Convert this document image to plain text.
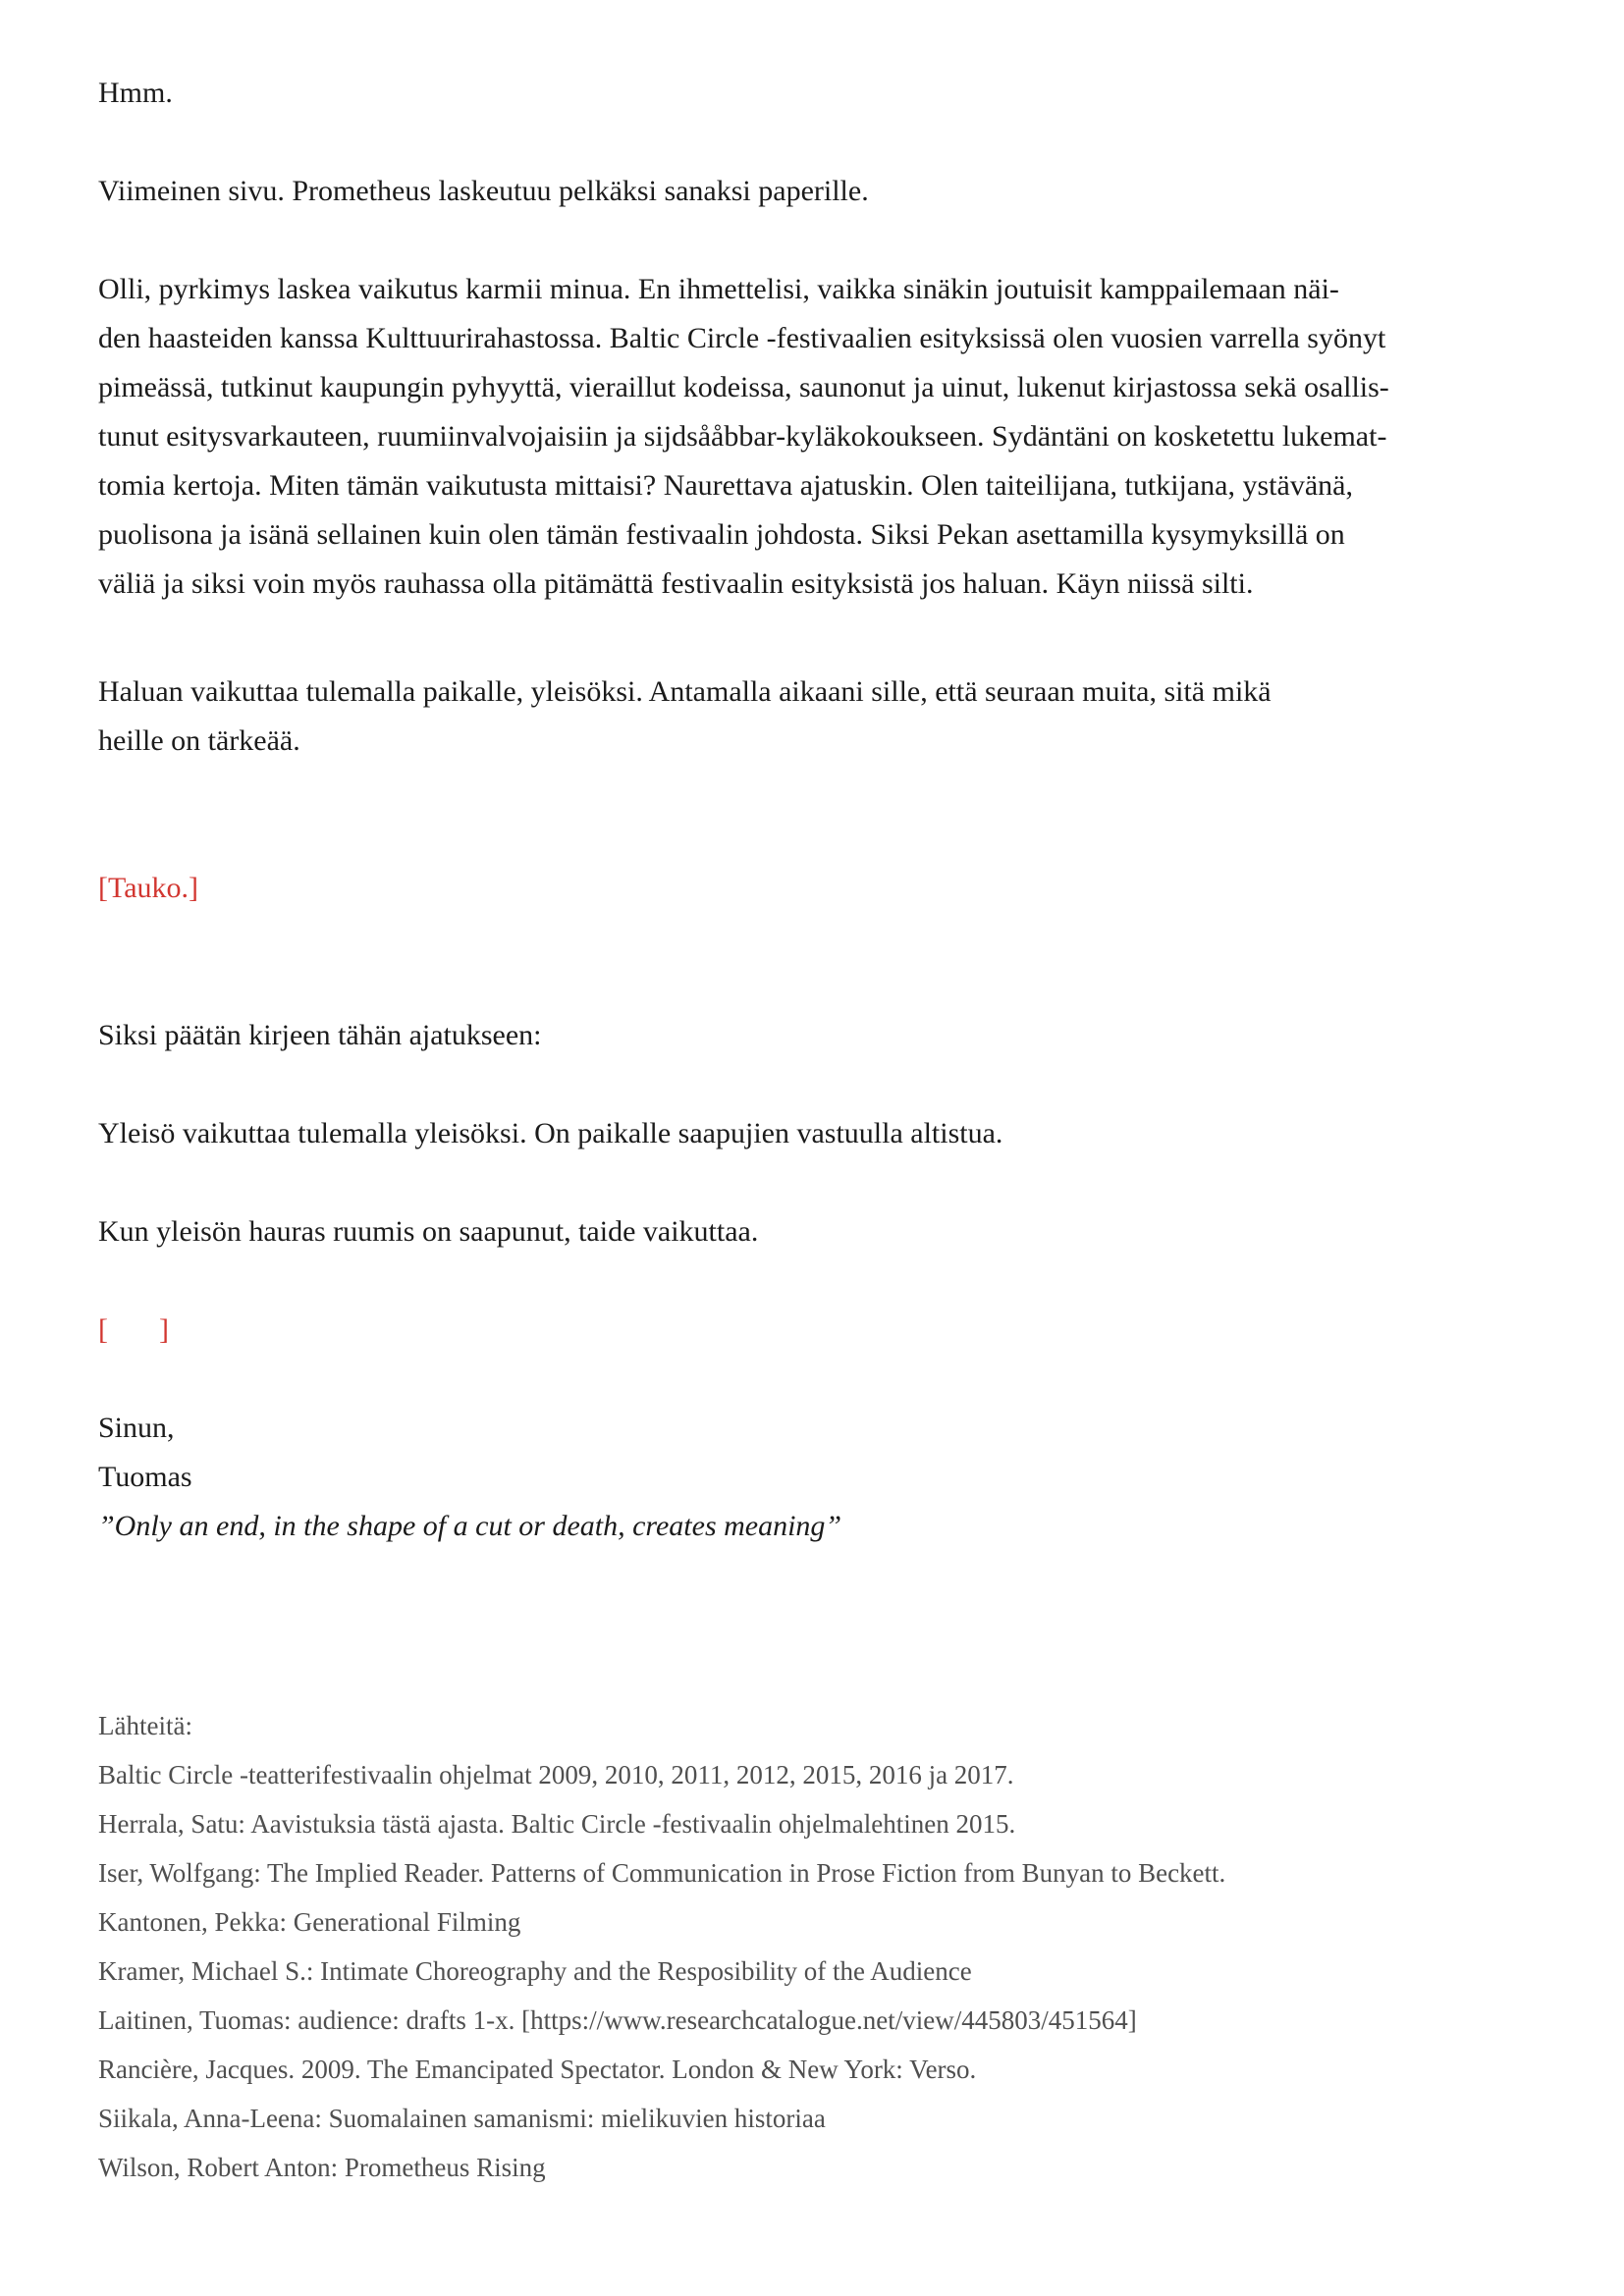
Hmm.
Viimeinen sivu. Prometheus laskeutuu pelkäksi sanaksi paperille.
Olli, pyrkimys laskea vaikutus karmii minua. En ihmettelisi, vaikka sinäkin joutuisit kamppailemaan näi-
den haasteiden kanssa Kulttuurirahastossa. Baltic Circle -festivaalien esityksissä olen vuosien varrella syönyt
pimeässä, tutkinut kaupungin pyhyyttä, vieraillut kodeissa, saunonut ja uinut, lukenut kirjastossa sekä osallis-
tunut esitysvarkauteen, ruumiinvalvojaisiin ja sijdsååbbar-kyläkokoukseen. Sydäntäni on kosketettu lukemat-
tomia kertoja. Miten tämän vaikutusta mittaisi? Naurettava ajatuskin. Olen taiteilijana, tutkijana, ystävänä,
puolisona ja isänä sellainen kuin olen tämän festivaalin johdosta. Siksi Pekan asettamilla kysymyksillä on
väliä ja siksi voin myös rauhassa olla pitämättä festivaalin esityksistä jos haluan. Käyn niissä silti.
Haluan vaikuttaa tulemalla paikalle, yleisöksi. Antamalla aikaani sille, että seuraan muita, sitä mikä
heille on tärkeää.
[Tauko.]
Siksi päätän kirjeen tähän ajatukseen:
Yleisö vaikuttaa tulemalla yleisöksi. On paikalle saapujien vastuulla altistua.
Kun yleisön hauras ruumis on saapunut, taide vaikuttaa.
[      ]
Sinun,
Tuomas
”Only an end, in the shape of a cut or death, creates meaning”
Lähteitä:
Baltic Circle -teatterifestivaalin ohjelmat 2009, 2010, 2011, 2012, 2015, 2016 ja 2017.
Herrala, Satu: Aavistuksia tästä ajasta. Baltic Circle -festivaalin ohjelmalehtinen 2015.
Iser, Wolfgang: The Implied Reader. Patterns of Communication in Prose Fiction from Bunyan to Beckett.
Kantonen, Pekka: Generational Filming
Kramer, Michael S.: Intimate Choreography and the Resposibility of the Audience
Laitinen, Tuomas: audience: drafts 1-x. [https://www.researchcatalogue.net/view/445803/451564]
Rancière, Jacques. 2009. The Emancipated Spectator. London & New York: Verso.
Siikala, Anna-Leena: Suomalainen samanismi: mielikuvien historiaa
Wilson, Robert Anton: Prometheus Rising
